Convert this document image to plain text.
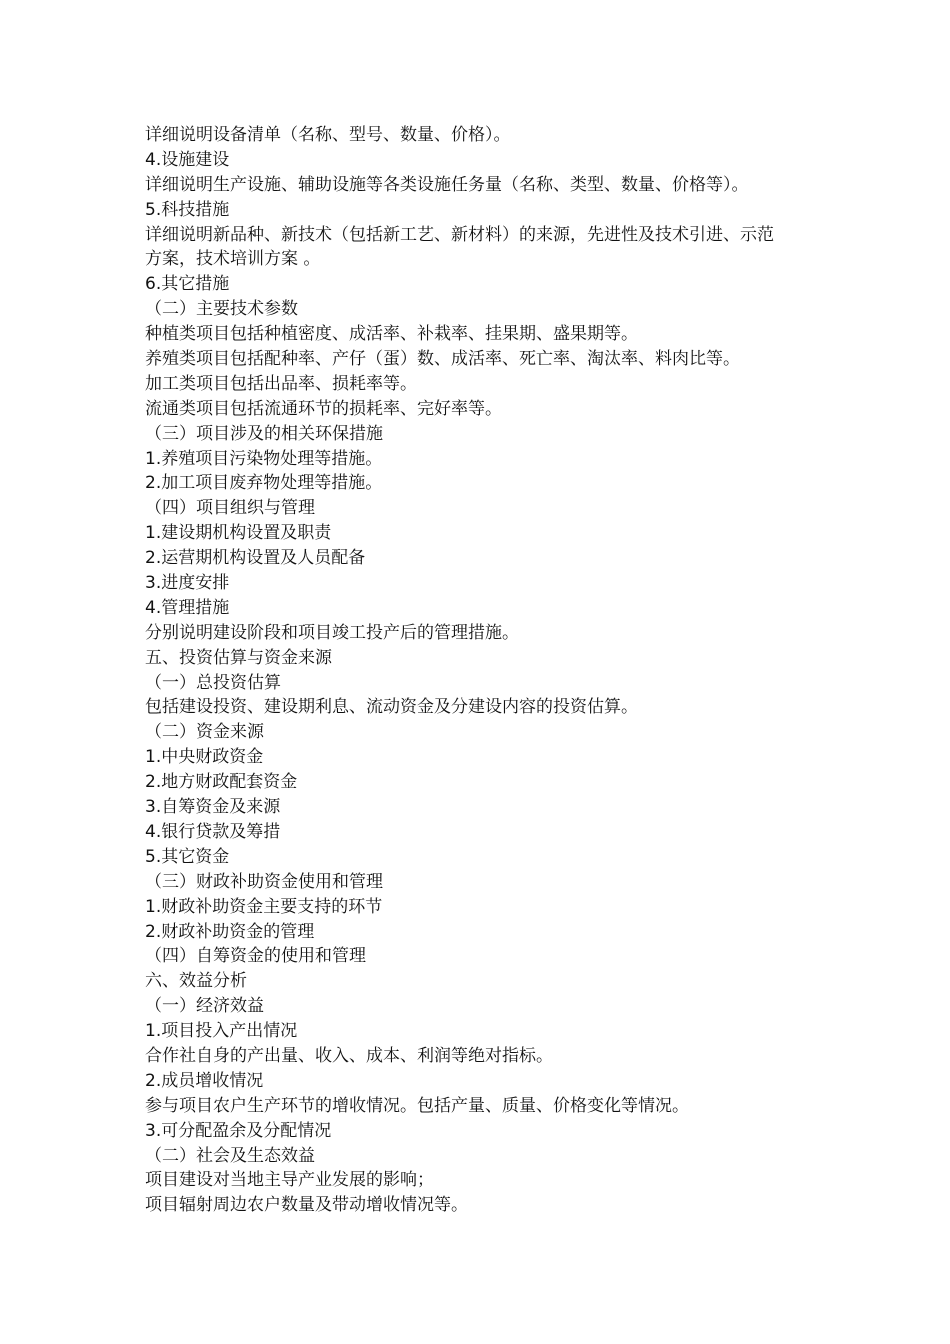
详细说明设备清单（名称、型号、数量、价格）。
4.设施建设
详细说明生产设施、辅助设施等各类设施任务量（名称、类型、数量、价格等）。
5.科技措施
详细说明新品种、新技术（包括新工艺、新材料）的来源，先进性及技术引进、示范
方案，技术培训方案 。
6.其它措施
（二）主要技术参数
种植类项目包括种植密度、成活率、补栽率、挂果期、盛果期等。
养殖类项目包括配种率、产仔（蛋）数、成活率、死亡率、淘汰率、料肉比等。
加工类项目包括出品率、损耗率等。
流通类项目包括流通环节的损耗率、完好率等。
（三）项目涉及的相关环保措施
1.养殖项目污染物处理等措施。
2.加工项目废弃物处理等措施。
（四）项目组织与管理
1.建设期机构设置及职责
2.运营期机构设置及人员配备
3.进度安排
4.管理措施
分别说明建设阶段和项目竣工投产后的管理措施。
五、投资估算与资金来源
（一）总投资估算
包括建设投资、建设期利息、流动资金及分建设内容的投资估算。
（二）资金来源
1.中央财政资金
2.地方财政配套资金
3.自筹资金及来源
4.银行贷款及筹措
5.其它资金
（三）财政补助资金使用和管理
1.财政补助资金主要支持的环节
2.财政补助资金的管理
（四）自筹资金的使用和管理
六、效益分析
（一）经济效益
1.项目投入产出情况
合作社自身的产出量、收入、成本、利润等绝对指标。
2.成员增收情况
参与项目农户生产环节的增收情况。包括产量、质量、价格变化等情况。
3.可分配盈余及分配情况
（二）社会及生态效益
项目建设对当地主导产业发展的影响；
项目辐射周边农户数量及带动增收情况等。
